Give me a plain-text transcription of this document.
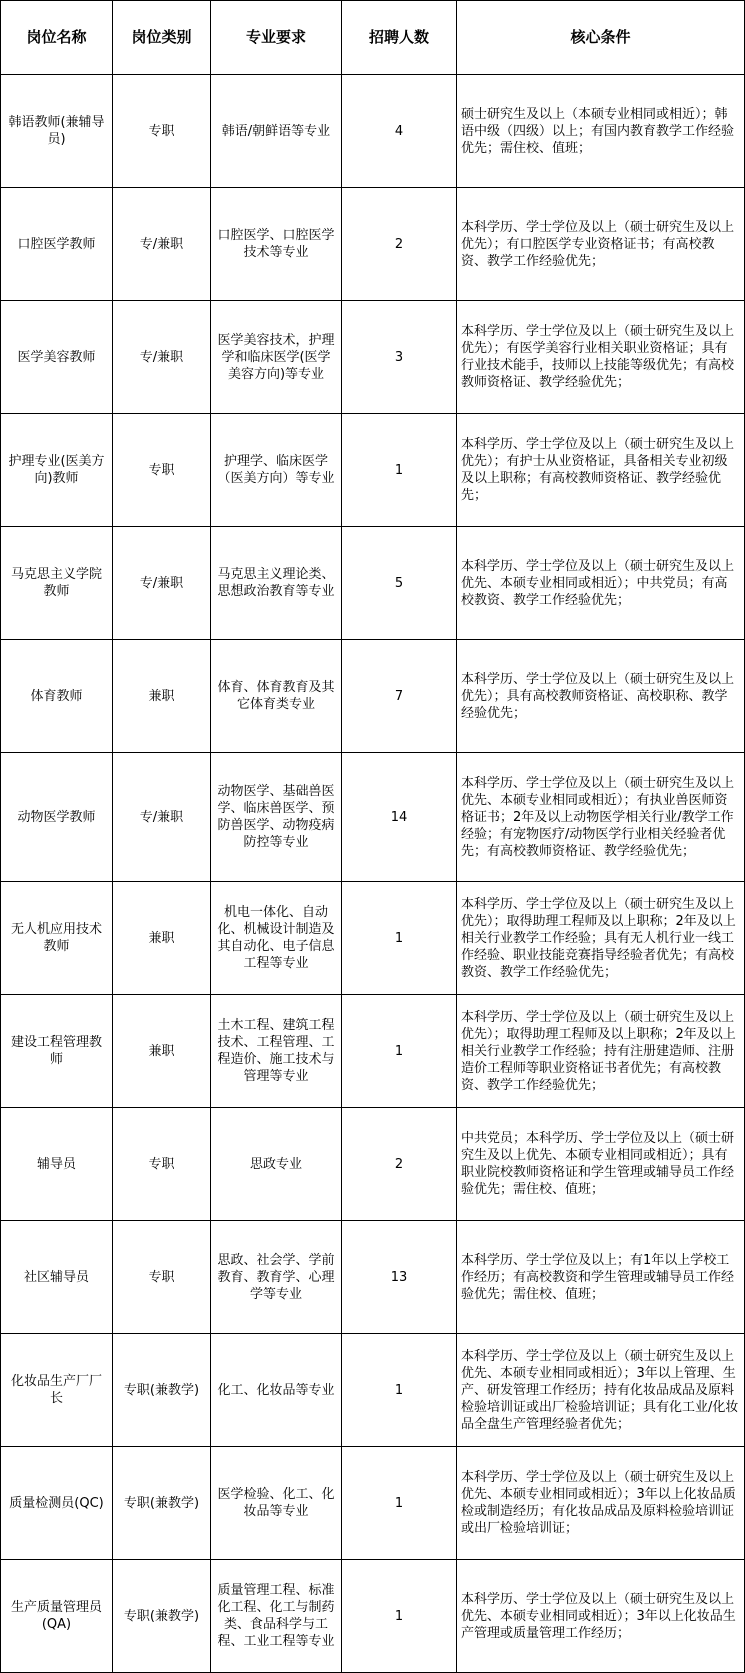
岗位名称	岗位类别	专业要求	招聘人数	核心条件
韩语教师(兼辅导员)	专职	韩语/朝鲜语等专业	4	硕士研究生及以上（本硕专业相同或相近）；韩语中级（四级）以上；有国内教育教学工作经验优先；需住校、值班；
口腔医学教师	专/兼职	口腔医学、口腔医学技术等专业	2	本科学历、学士学位及以上（硕士研究生及以上优先）；有口腔医学专业资格证书；有高校教资、教学工作经验优先；
医学美容教师	专/兼职	医学美容技术，护理学和临床医学(医学美容方向)等专业	3	本科学历、学士学位及以上（硕士研究生及以上优先）；有医学美容行业相关职业资格证；具有行业技术能手，技师以上技能等级优先；有高校教师资格证、教学经验优先；
护理专业(医美方向)教师	专职	护理学、临床医学（医美方向）等专业	1	本科学历、学士学位及以上（硕士研究生及以上优先）；有护士从业资格证，具备相关专业初级及以上职称；有高校教师资格证、教学经验优先；
马克思主义学院教师	专/兼职	马克思主义理论类、思想政治教育等专业	5	本科学历、学士学位及以上（硕士研究生及以上优先、本硕专业相同或相近）；中共党员；有高校教资、教学工作经验优先；
体育教师	兼职	体育、体育教育及其它体育类专业	7	本科学历、学士学位及以上（硕士研究生及以上优先）；具有高校教师资格证、高校职称、教学经验优先；
动物医学教师	专/兼职	动物医学、基础兽医学、临床兽医学、预防兽医学、动物疫病防控等专业	14	本科学历、学士学位及以上（硕士研究生及以上优先、本硕专业相同或相近）；有执业兽医师资格证书；2年及以上动物医学相关行业/教学工作经验；有宠物医疗/动物医学行业相关经验者优先；有高校教师资格证、教学经验优先；
无人机应用技术教师	兼职	机电一体化、自动化、机械设计制造及其自动化、电子信息工程等专业	1	本科学历、学士学位及以上（硕士研究生及以上优先）；取得助理工程师及以上职称；2年及以上相关行业教学工作经验；具有无人机行业一线工作经验、职业技能竞赛指导经验者优先；有高校教资、教学工作经验优先；
建设工程管理教师	兼职	土木工程、建筑工程技术、工程管理、工程造价、施工技术与管理等专业	1	本科学历、学士学位及以上（硕士研究生及以上优先）；取得助理工程师及以上职称；2年及以上相关行业教学工作经验；持有注册建造师、注册造价工程师等职业资格证书者优先；有高校教资、教学工作经验优先；
辅导员	专职	思政专业	2	中共党员；本科学历、学士学位及以上（硕士研究生及以上优先、本硕专业相同或相近）；具有职业院校教师资格证和学生管理或辅导员工作经验优先；需住校、值班；
社区辅导员	专职	思政、社会学、学前教育、教育学、心理学等专业	13	本科学历、学士学位及以上；有1年以上学校工作经历；有高校教资和学生管理或辅导员工作经验优先；需住校、值班；
化妆品生产厂厂长	专职(兼教学)	化工、化妆品等专业	1	本科学历、学士学位及以上（硕士研究生及以上优先、本硕专业相同或相近）；3年以上管理、生产、研发管理工作经历；持有化妆品成品及原料检验培训证或出厂检验培训证；具有化工业/化妆品全盘生产管理经验者优先；
质量检测员(QC)	专职(兼教学)	医学检验、化工、化妆品等专业	1	本科学历、学士学位及以上（硕士研究生及以上优先、本硕专业相同或相近）；3年以上化妆品质检或制造经历；有化妆品成品及原料检验培训证或出厂检验培训证；
生产质量管理员(QA)	专职(兼教学)	质量管理工程、标准化工程、化工与制药类、食品科学与工程、工业工程等专业	1	本科学历、学士学位及以上（硕士研究生及以上优先、本硕专业相同或相近）；3年以上化妆品生产管理或质量管理工作经历；
